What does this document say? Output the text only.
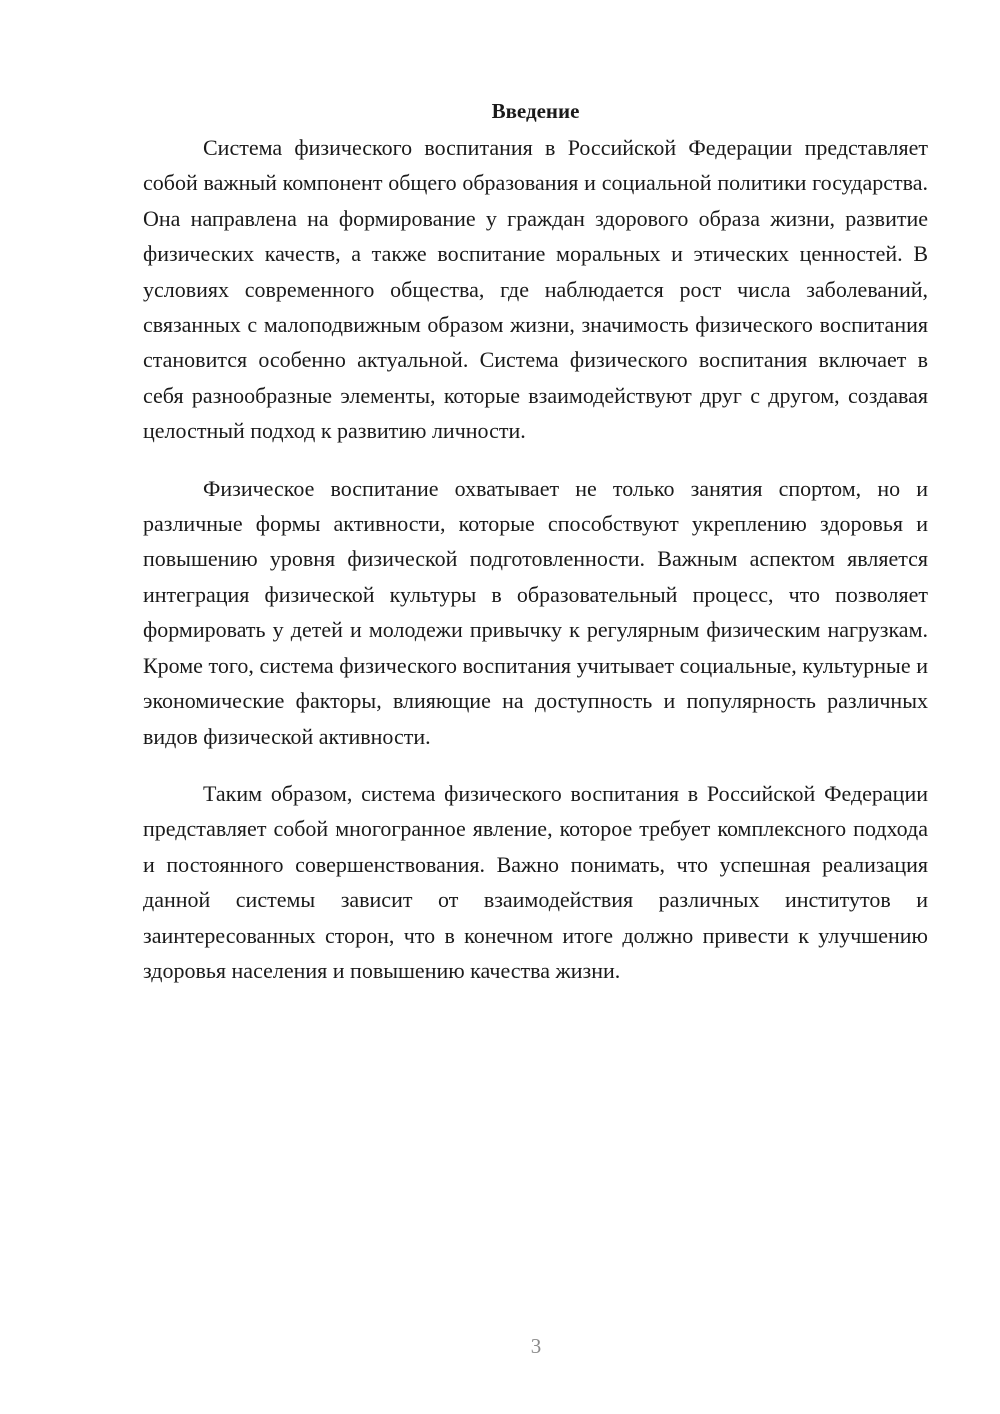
Введение

Система физического воспитания в Российской Федерации представляет собой важный компонент общего образования и социальной политики государства. Она направлена на формирование у граждан здорового образа жизни, развитие физических качеств, а также воспитание моральных и этических ценностей. В условиях современного общества, где наблюдается рост числа заболеваний, связанных с малоподвижным образом жизни, значимость физического воспитания становится особенно актуальной. Система физического воспитания включает в себя разнообразные элементы, которые взаимодействуют друг с другом, создавая целостный подход к развитию личности.

Физическое воспитание охватывает не только занятия спортом, но и различные формы активности, которые способствуют укреплению здоровья и повышению уровня физической подготовленности. Важным аспектом является интеграция физической культуры в образовательный процесс, что позволяет формировать у детей и молодежи привычку к регулярным физическим нагрузкам. Кроме того, система физического воспитания учитывает социальные, культурные и экономические факторы, влияющие на доступность и популярность различных видов физической активности.

Таким образом, система физического воспитания в Российской Федерации представляет собой многогранное явление, которое требует комплексного подхода и постоянного совершенствования. Важно понимать, что успешная реализация данной системы зависит от взаимодействия различных институтов и заинтересованных сторон, что в конечном итоге должно привести к улучшению здоровья населения и повышению качества жизни.

3
